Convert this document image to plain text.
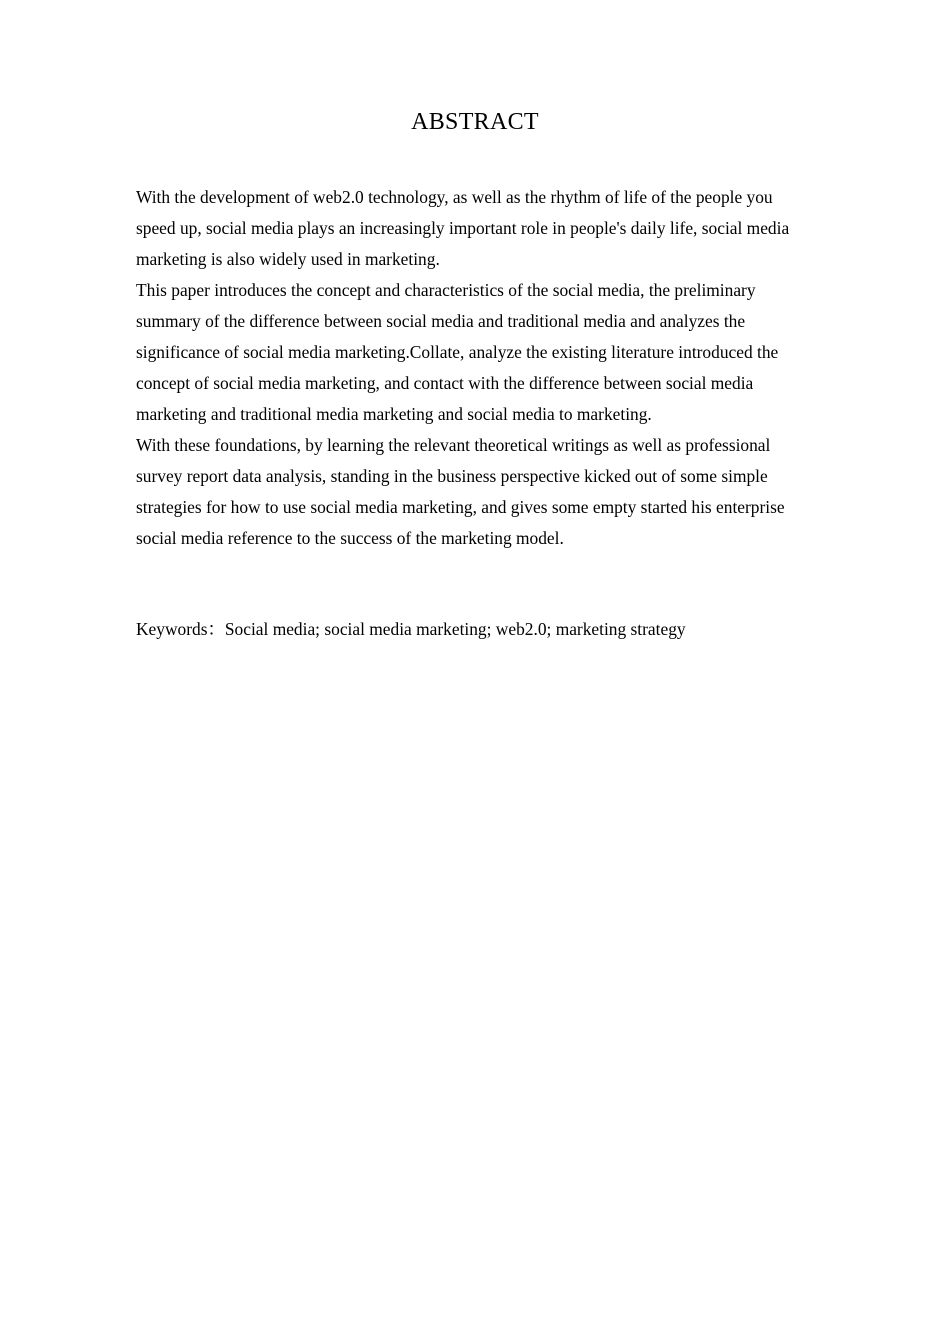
ABSTRACT

With the development of web2.0 technology, as well as the rhythm of life of the people you speed up, social media plays an increasingly important role in people's daily life, social media marketing is also widely used in marketing.

This paper introduces the concept and characteristics of the social media, the preliminary summary of the difference between social media and traditional media and analyzes the significance of social media marketing.Collate, analyze the existing literature introduced the concept of social media marketing, and contact with the difference between social media marketing and traditional media marketing and social media to marketing.

With these foundations, by learning the relevant theoretical writings as well as professional survey report data analysis, standing in the business perspective kicked out of some simple strategies for how to use social media marketing, and gives some empty started his enterprise social media reference to the success of the marketing model.

Keywords：Social media; social media marketing; web2.0; marketing strategy
